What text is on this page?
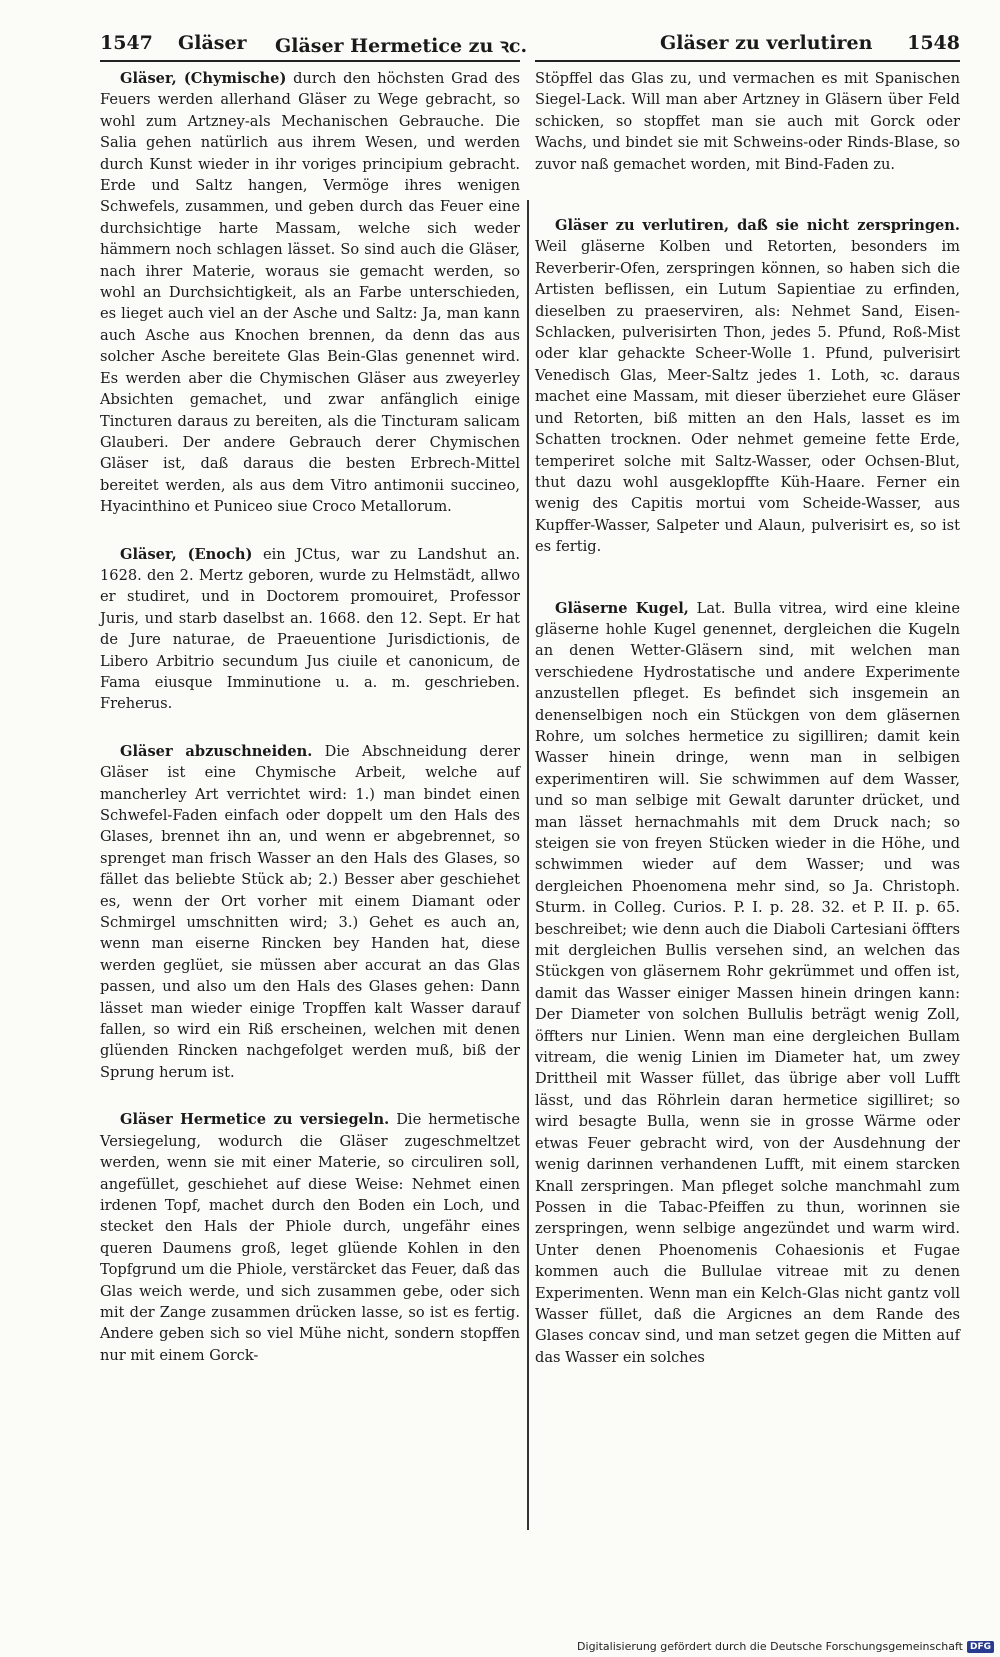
1547 Gläser Gläser Hermetice zu ꝛc.	Gläser zu verlutiren 1548

Gläser, (Chymische) durch den höchsten Grad des Feuers werden allerhand Gläser zu Wege gebracht, so wohl zum Artzney-als Mechanischen Gebrauche. Die Salia gehen natürlich aus ihrem Wesen, und werden durch Kunst wieder in ihr voriges principium gebracht. Erde und Saltz hangen, Vermöge ihres wenigen Schwefels, zusammen, und geben durch das Feuer eine durchsichtige harte Massam, welche sich weder hämmern noch schlagen lässet. So sind auch die Gläser, nach ihrer Materie, woraus sie gemacht werden, so wohl an Durchsichtigkeit, als an Farbe unterschieden, es lieget auch viel an der Asche und Saltz: Ja, man kann auch Asche aus Knochen brennen, da denn das aus solcher Asche bereitete Glas Bein-Glas genennet wird. Es werden aber die Chymischen Gläser aus zweyerley Absichten gemachet, und zwar anfänglich einige Tincturen daraus zu bereiten, als die Tincturam salicam Glauberi. Der andere Gebrauch derer Chymischen Gläser ist, daß daraus die besten Erbrech-Mittel bereitet werden, als aus dem Vitro antimonii succineo, Hyacinthino et Puniceo siue Croco Metallorum.

Gläser, (Enoch) ein JCtus, war zu Landshut an. 1628. den 2. Mertz geboren, wurde zu Helmstädt, allwo er studiret, und in Doctorem promouiret, Professor Juris, und starb daselbst an. 1668. den 12. Sept. Er hat de Jure naturae, de Praeuentione Jurisdictionis, de Libero Arbitrio secundum Jus ciuile et canonicum, de Fama eiusque Imminutione u. a. m. geschrieben. Freherus.

Gläser abzuschneiden. Die Abschneidung derer Gläser ist eine Chymische Arbeit, welche auf mancherley Art verrichtet wird: 1.) man bindet einen Schwefel-Faden einfach oder doppelt um den Hals des Glases, brennet ihn an, und wenn er abgebrennet, so sprenget man frisch Wasser an den Hals des Glases, so fället das beliebte Stück ab; 2.) Besser aber geschiehet es, wenn der Ort vorher mit einem Diamant oder Schmirgel umschnitten wird; 3.) Gehet es auch an, wenn man eiserne Rincken bey Handen hat, diese werden geglüet, sie müssen aber accurat an das Glas passen, und also um den Hals des Glases gehen: Dann lässet man wieder einige Tropffen kalt Wasser darauf fallen, so wird ein Riß erscheinen, welchen mit denen glüenden Rincken nachgefolget werden muß, biß der Sprung herum ist.

Gläser Hermetice zu versiegeln. Die hermetische Versiegelung, wodurch die Gläser zugeschmeltzet werden, wenn sie mit einer Materie, so circuliren soll, angefüllet, geschiehet auf diese Weise: Nehmet einen irdenen Topf, machet durch den Boden ein Loch, und stecket den Hals der Phiole durch, ungefähr eines queren Daumens groß, leget glüende Kohlen in den Topfgrund um die Phiole, verstärcket das Feuer, daß das Glas weich werde, und sich zusammen gebe, oder sich mit der Zange zusammen drücken lasse, so ist es fertig. Andere geben sich so viel Mühe nicht, sondern stopffen nur mit einem Gorck-

Stöpffel das Glas zu, und vermachen es mit Spanischen Siegel-Lack. Will man aber Artzney in Gläsern über Feld schicken, so stopffet man sie auch mit Gorck oder Wachs, und bindet sie mit Schweins-oder Rinds-Blase, so zuvor naß gemachet worden, mit Bind-Faden zu.

Gläser zu verlutiren, daß sie nicht zerspringen. Weil gläserne Kolben und Retorten, besonders im Reverberir-Ofen, zerspringen können, so haben sich die Artisten beflissen, ein Lutum Sapientiae zu erfinden, dieselben zu praeserviren, als: Nehmet Sand, Eisen-Schlacken, pulverisirten Thon, jedes 5. Pfund, Roß-Mist oder klar gehackte Scheer-Wolle 1. Pfund, pulverisirt Venedisch Glas, Meer-Saltz jedes 1. Loth, ꝛc. daraus machet eine Massam, mit dieser überziehet eure Gläser und Retorten, biß mitten an den Hals, lasset es im Schatten trocknen. Oder nehmet gemeine fette Erde, temperiret solche mit Saltz-Wasser, oder Ochsen-Blut, thut dazu wohl ausgeklopffte Küh-Haare. Ferner ein wenig des Capitis mortui vom Scheide-Wasser, aus Kupffer-Wasser, Salpeter und Alaun, pulverisirt es, so ist es fertig.

Gläserne Kugel, Lat. Bulla vitrea, wird eine kleine gläserne hohle Kugel genennet, dergleichen die Kugeln an denen Wetter-Gläsern sind, mit welchen man verschiedene Hydrostatische und andere Experimente anzustellen pfleget. Es befindet sich insgemein an denenselbigen noch ein Stückgen von dem gläsernen Rohre, um solches hermetice zu sigilliren; damit kein Wasser hinein dringe, wenn man in selbigen experimentiren will. Sie schwimmen auf dem Wasser, und so man selbige mit Gewalt darunter drücket, und man lässet hernachmahls mit dem Druck nach; so steigen sie von freyen Stücken wieder in die Höhe, und schwimmen wieder auf dem Wasser; und was dergleichen Phoenomena mehr sind, so Ja. Christoph. Sturm. in Colleg. Curios. P. I. p. 28. 32. et P. II. p. 65. beschreibet; wie denn auch die Diaboli Cartesiani öffters mit dergleichen Bullis versehen sind, an welchen das Stückgen von gläsernem Rohr gekrümmet und offen ist, damit das Wasser einiger Massen hinein dringen kann: Der Diameter von solchen Bullulis beträgt wenig Zoll, öffters nur Linien. Wenn man eine dergleichen Bullam vitream, die wenig Linien im Diameter hat, um zwey Drittheil mit Wasser füllet, das übrige aber voll Lufft lässt, und das Röhrlein daran hermetice sigilliret; so wird besagte Bulla, wenn sie in grosse Wärme oder etwas Feuer gebracht wird, von der Ausdehnung der wenig darinnen verhandenen Lufft, mit einem starcken Knall zerspringen. Man pfleget solche manchmahl zum Possen in die Tabac-Pfeiffen zu thun, worinnen sie zerspringen, wenn selbige angezündet und warm wird. Unter denen Phoenomenis Cohaesionis et Fugae kommen auch die Bullulae vitreae mit zu denen Experimenten. Wenn man ein Kelch-Glas nicht gantz voll Wasser füllet, daß die Argicnes an dem Rande des Glases concav sind, und man setzet gegen die Mitten auf das Wasser ein solches

Digitalisierung gefördert durch die Deutsche Forschungsgemeinschaft DFG
